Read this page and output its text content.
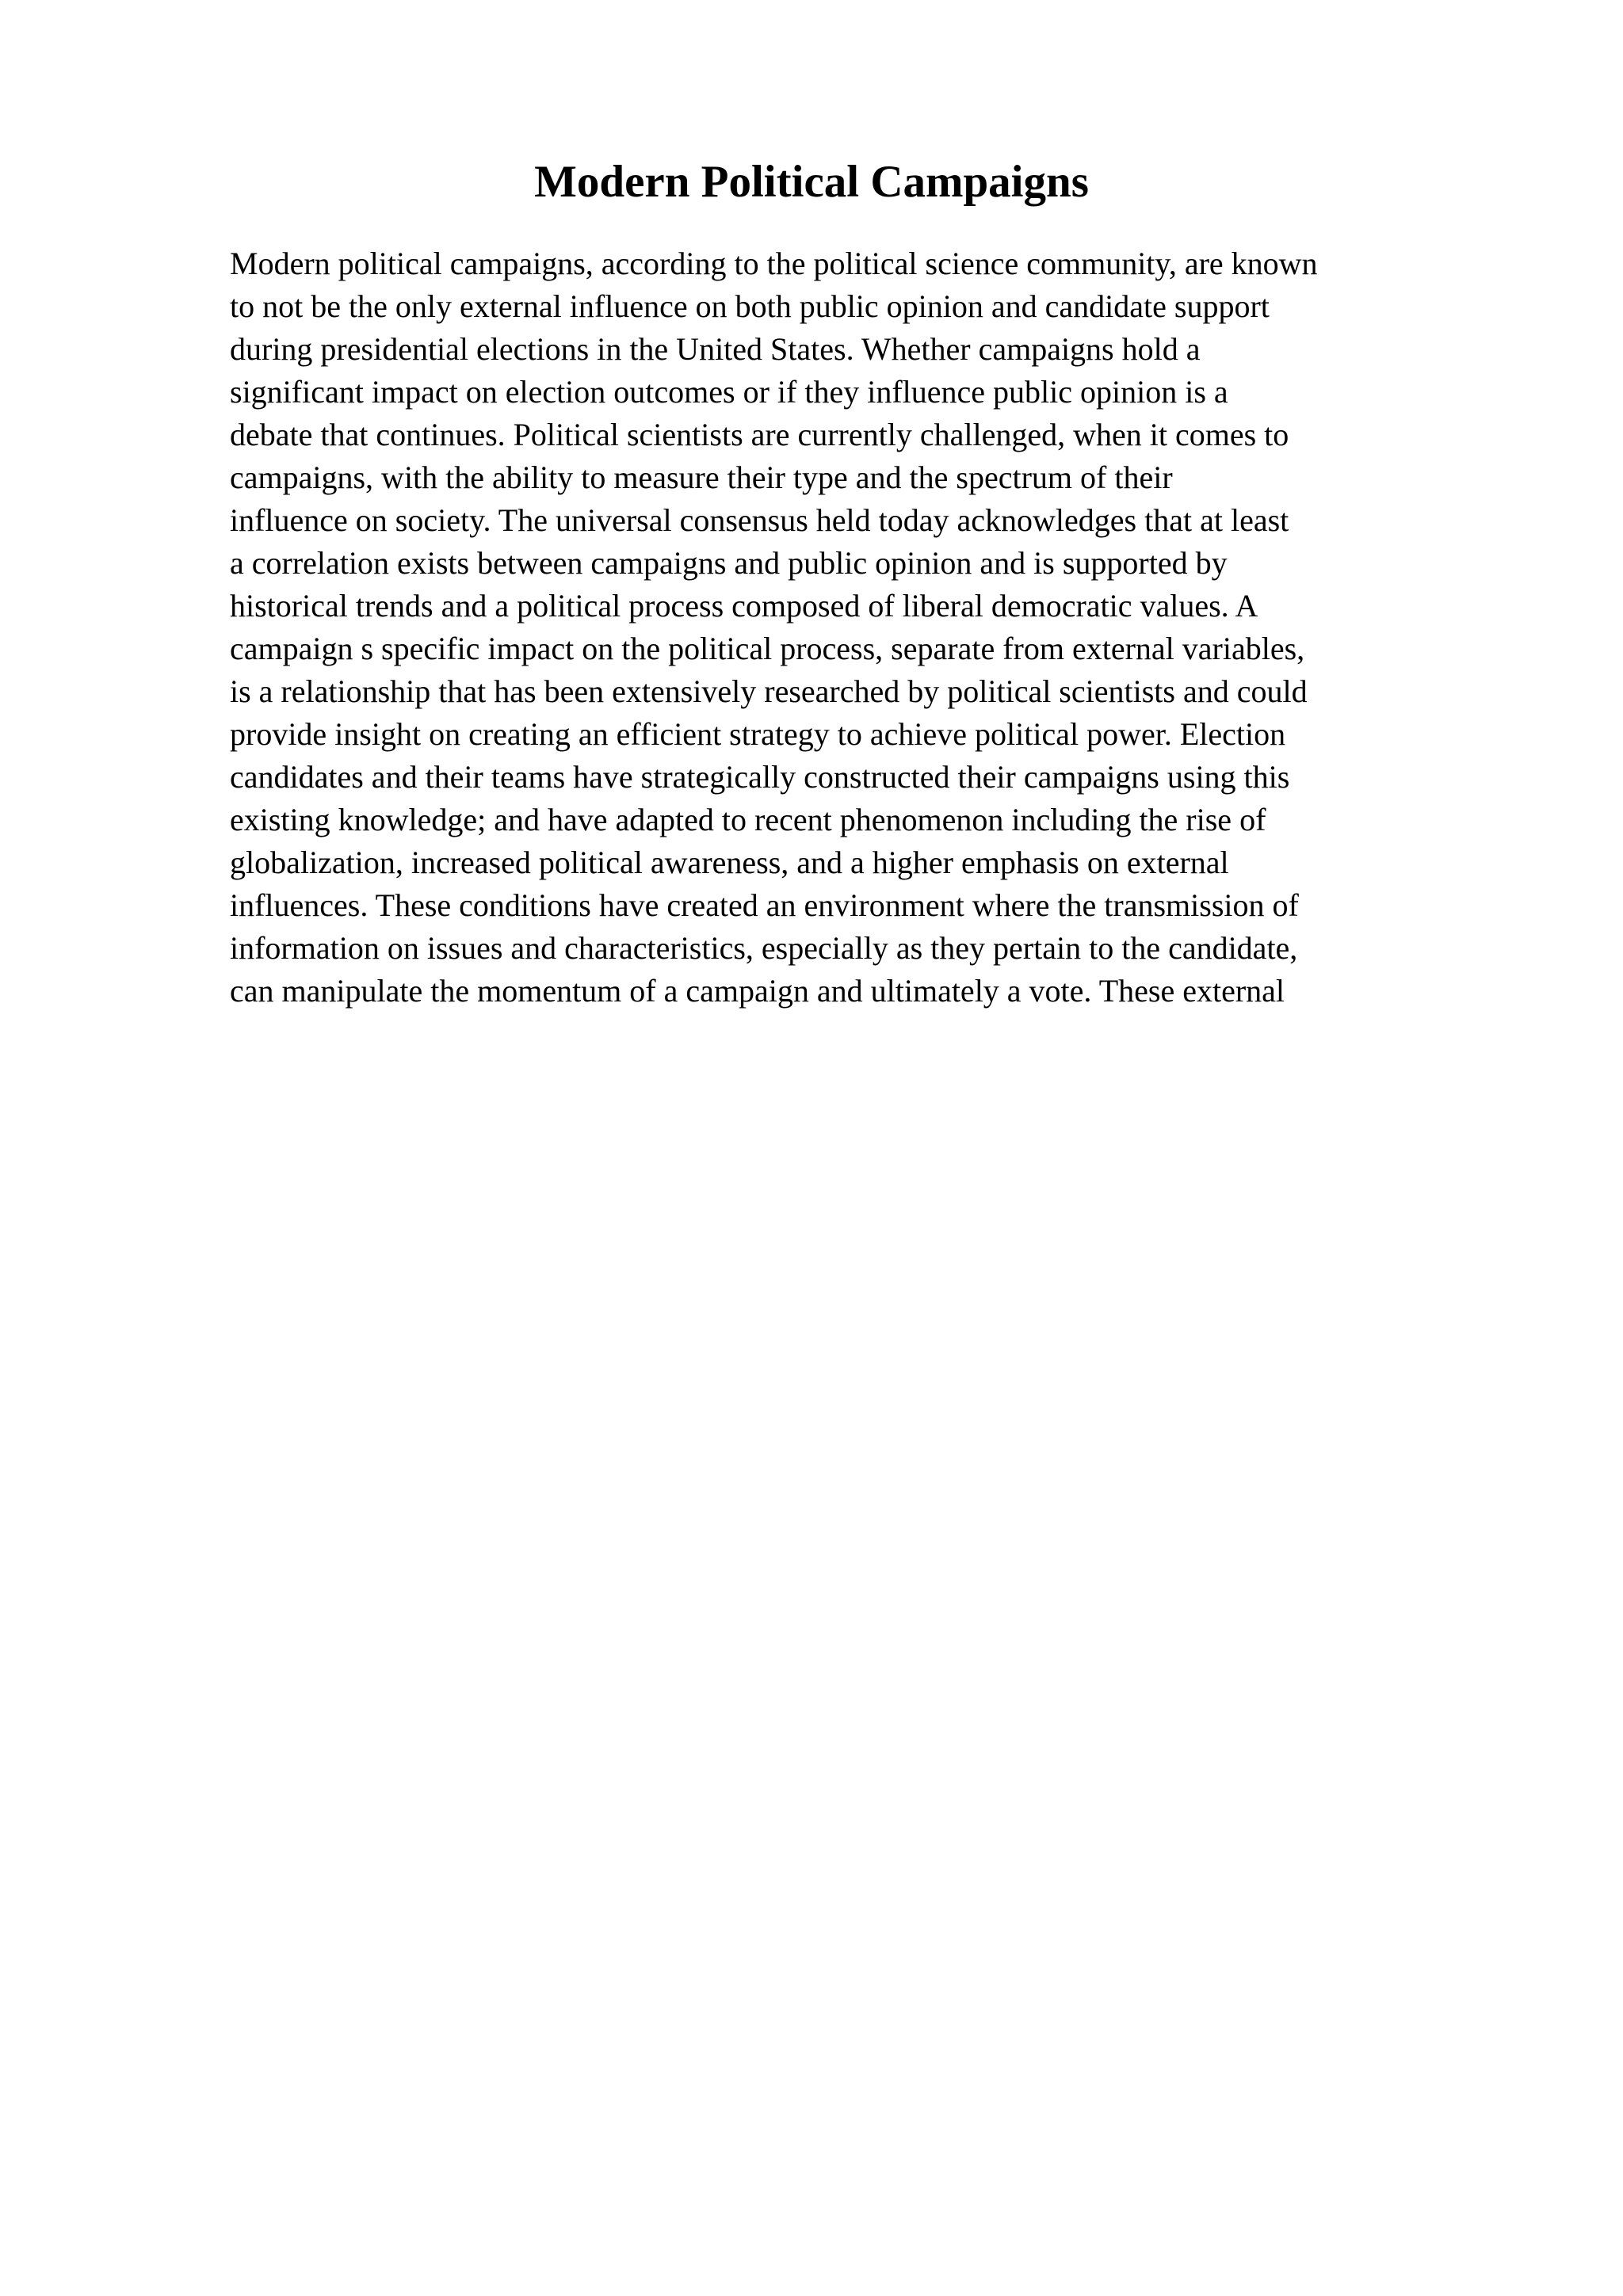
Modern Political Campaigns
Modern political campaigns, according to the political science community, are known
to not be the only external influence on both public opinion and candidate support
during presidential elections in the United States. Whether campaigns hold a
significant impact on election outcomes or if they influence public opinion is a
debate that continues. Political scientists are currently challenged, when it comes to
campaigns, with the ability to measure their type and the spectrum of their
influence on society. The universal consensus held today acknowledges that at least
a correlation exists between campaigns and public opinion and is supported by
historical trends and a political process composed of liberal democratic values. A
campaign s specific impact on the political process, separate from external variables,
is a relationship that has been extensively researched by political scientists and could
provide insight on creating an efficient strategy to achieve political power. Election
candidates and their teams have strategically constructed their campaigns using this
existing knowledge; and have adapted to recent phenomenon including the rise of
globalization, increased political awareness, and a higher emphasis on external
influences. These conditions have created an environment where the transmission of
information on issues and characteristics, especially as they pertain to the candidate,
can manipulate the momentum of a campaign and ultimately a vote. These external
